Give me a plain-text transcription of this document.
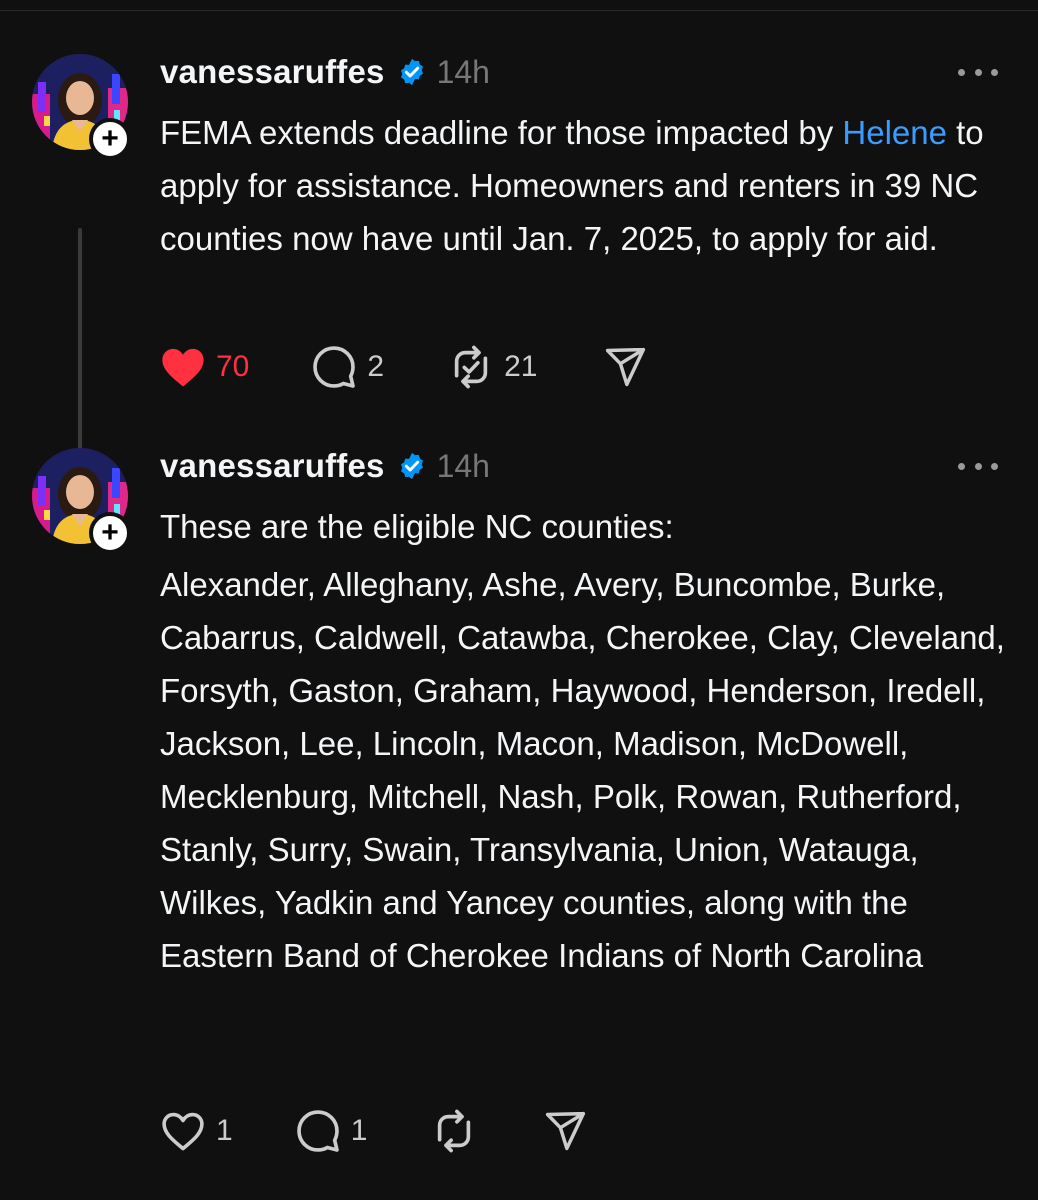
+
vanessaruffes 14h

FEMA extends deadline for those impacted by Helene to apply for assistance. Homeowners and renters in 39 NC counties now have until Jan. 7, 2025, to apply for aid.

70	2	21
+
vanessaruffes 14h

These are the eligible NC counties:

Alexander, Alleghany, Ashe, Avery, Buncombe, Burke, Cabarrus, Caldwell, Catawba, Cherokee, Clay, Cleveland, Forsyth, Gaston, Graham, Haywood, Henderson, Iredell, Jackson, Lee, Lincoln, Macon, Madison, McDowell, Mecklenburg, Mitchell, Nash, Polk, Rowan, Rutherford, Stanly, Surry, Swain, Transylvania, Union, Watauga, Wilkes, Yadkin and Yancey counties, along with the Eastern Band of Cherokee Indians of North Carolina

1	1
